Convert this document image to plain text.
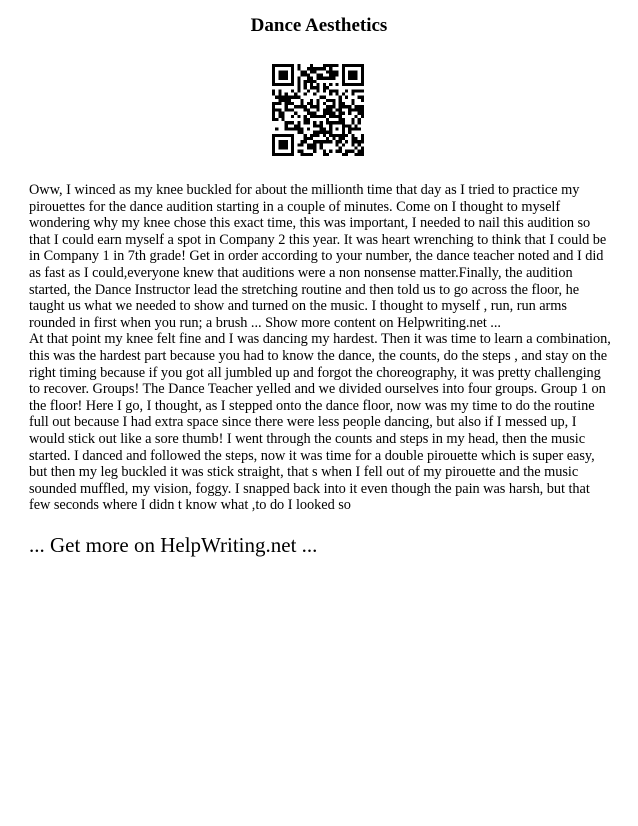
Dance Aesthetics

Oww, I winced as my knee buckled for about the millionth time that day as I tried to practice my pirouettes for the dance audition starting in a couple of minutes. Come on I thought to myself wondering why my knee chose this exact time, this was important, I needed to nail this audition so that I could earn myself a spot in Company 2 this year. It was heart wrenching to think that I could be in Company 1 in 7th grade! Get in order according to your number, the dance teacher noted and I did as fast as I could,everyone knew that auditions were a non nonsense matter.Finally, the audition started, the Dance Instructor lead the stretching routine and then told us to go across the floor, he taught us what we needed to show and turned on the music. I thought to myself , run, run arms rounded in first when you run; a brush ... Show more content on Helpwriting.net ...

At that point my knee felt fine and I was dancing my hardest. Then it was time to learn a combination, this was the hardest part because you had to know the dance, the counts, do the steps , and stay on the right timing because if you got all jumbled up and forgot the choreography, it was pretty challenging to recover. Groups! The Dance Teacher yelled and we divided ourselves into four groups. Group 1 on the floor! Here I go, I thought, as I stepped onto the dance floor, now was my time to do the routine full out because I had extra space since there were less people dancing, but also if I messed up, I would stick out like a sore thumb! I went through the counts and steps in my head, then the music started. I danced and followed the steps, now it was time for a double pirouette which is super easy, but then my leg buckled it was stick straight, that s when I fell out of my pirouette and the music sounded muffled, my vision, foggy. I snapped back into it even though the pain was harsh, but that few seconds where I didn t know what ,to do I looked so

... Get more on HelpWriting.net ...
